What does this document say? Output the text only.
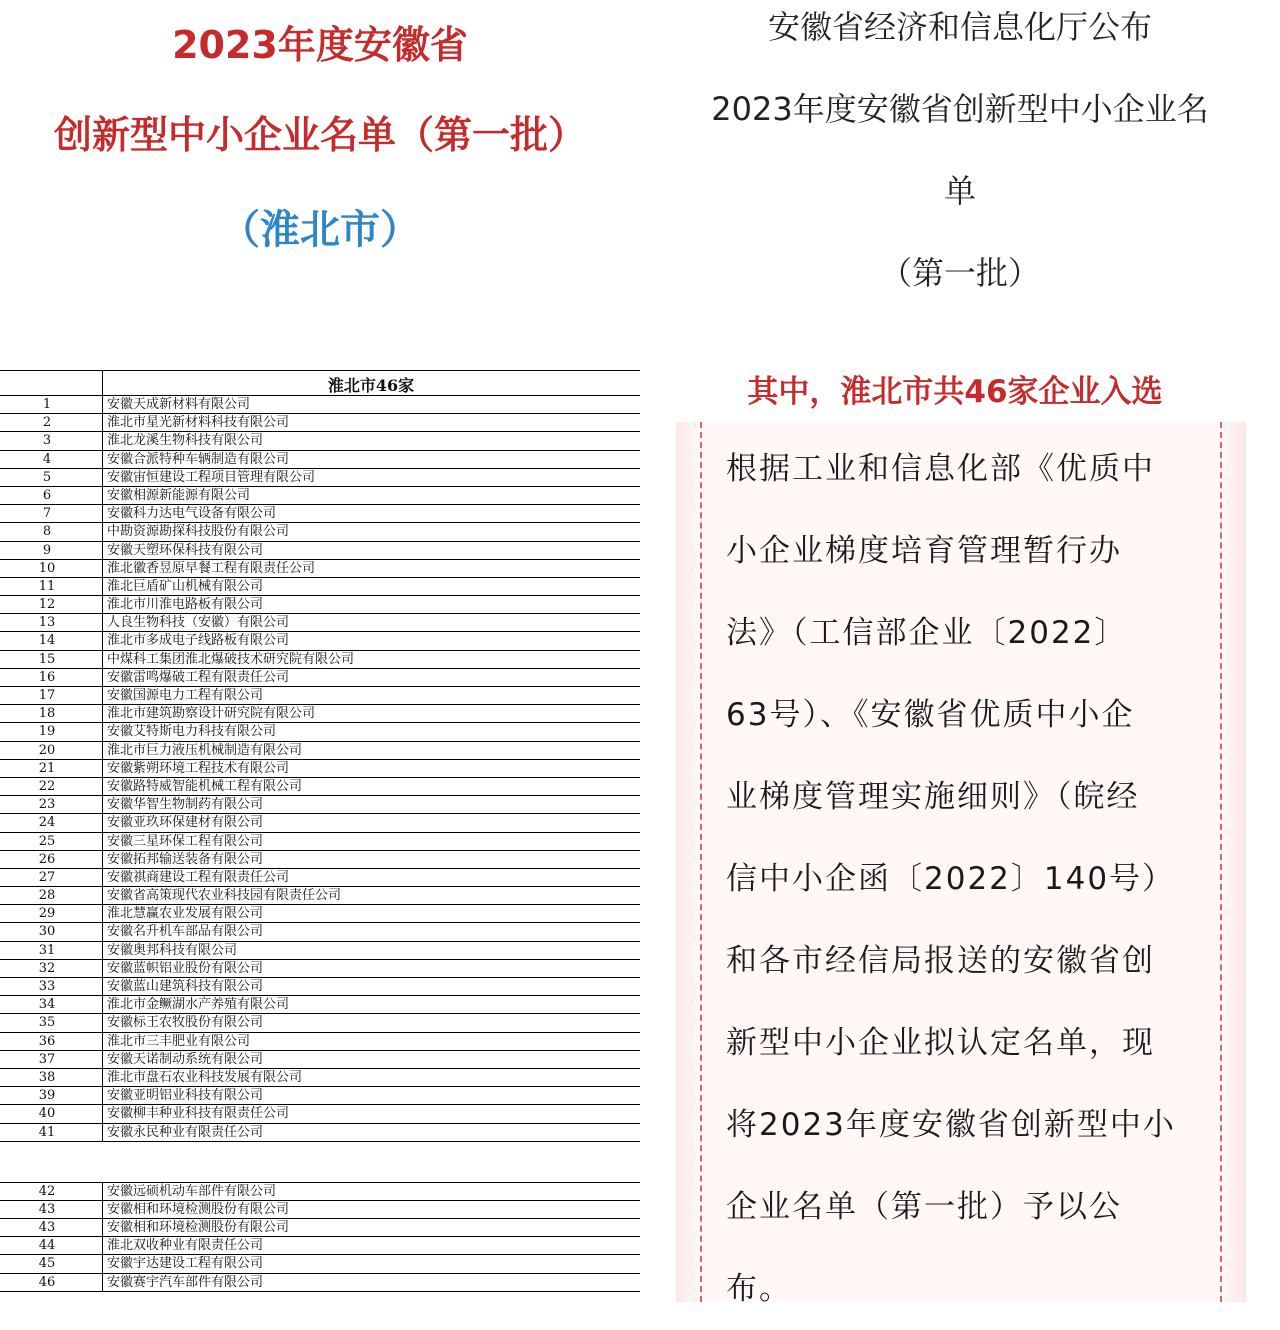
2023年度安徽省
创新型中小企业名单（第一批）
（淮北市）
安徽省经济和信息化厅公布
2023年度安徽省创新型中小企业名
单
（第一批）
其中，淮北市共46家企业入选
根据工业和信息化部《优质中
小企业梯度培育管理暂行办
法》（工信部企业〔2022〕
63号）、《安徽省优质中小企
业梯度管理实施细则》（皖经
信中小企函〔2022〕140号）
和各市经信局报送的安徽省创
新型中小企业拟认定名单，现
将2023年度安徽省创新型中小
企业名单（第一批）予以公
布。
淮北市46家
1	安徽天成新材料有限公司
2	淮北市星光新材料科技有限公司
3	淮北龙溪生物科技有限公司
4	安徽合派特种车辆制造有限公司
5	安徽宙恒建设工程项目管理有限公司
6	安徽相源新能源有限公司
7	安徽科力达电气设备有限公司
8	中勘资源勘探科技股份有限公司
9	安徽天塑环保科技有限公司
10	淮北徽香昱原早餐工程有限责任公司
11	淮北巨盾矿山机械有限公司
12	淮北市川淮电路板有限公司
13	人良生物科技（安徽）有限公司
14	淮北市多成电子线路板有限公司
15	中煤科工集团淮北爆破技术研究院有限公司
16	安徽雷鸣爆破工程有限责任公司
17	安徽国源电力工程有限公司
18	淮北市建筑勘察设计研究院有限公司
19	安徽艾特斯电力科技有限公司
20	淮北市巨力液压机械制造有限公司
21	安徽紫朔环境工程技术有限公司
22	安徽路特威智能机械工程有限公司
23	安徽华智生物制药有限公司
24	安徽亚玖环保建材有限公司
25	安徽三星环保工程有限公司
26	安徽拓邦输送装备有限公司
27	安徽祺商建设工程有限责任公司
28	安徽省高策现代农业科技园有限责任公司
29	淮北慧赢农业发展有限公司
30	安徽名升机车部品有限公司
31	安徽奥邦科技有限公司
32	安徽蓝帜铝业股份有限公司
33	安徽蓝山建筑科技有限公司
34	淮北市金鳜湖水产养殖有限公司
35	安徽标王农牧股份有限公司
36	淮北市三丰肥业有限公司
37	安徽天诺制动系统有限公司
38	淮北市盘石农业科技发展有限公司
39	安徽亚明铝业科技有限公司
40	安徽柳丰种业科技有限责任公司
41	安徽永民种业有限责任公司
42	安徽远硕机动车部件有限公司
43	安徽相和环境检测股份有限公司
43	安徽相和环境检测股份有限公司
44	淮北双收种业有限责任公司
45	安徽宇达建设工程有限公司
46	安徽赛宇汽车部件有限公司
